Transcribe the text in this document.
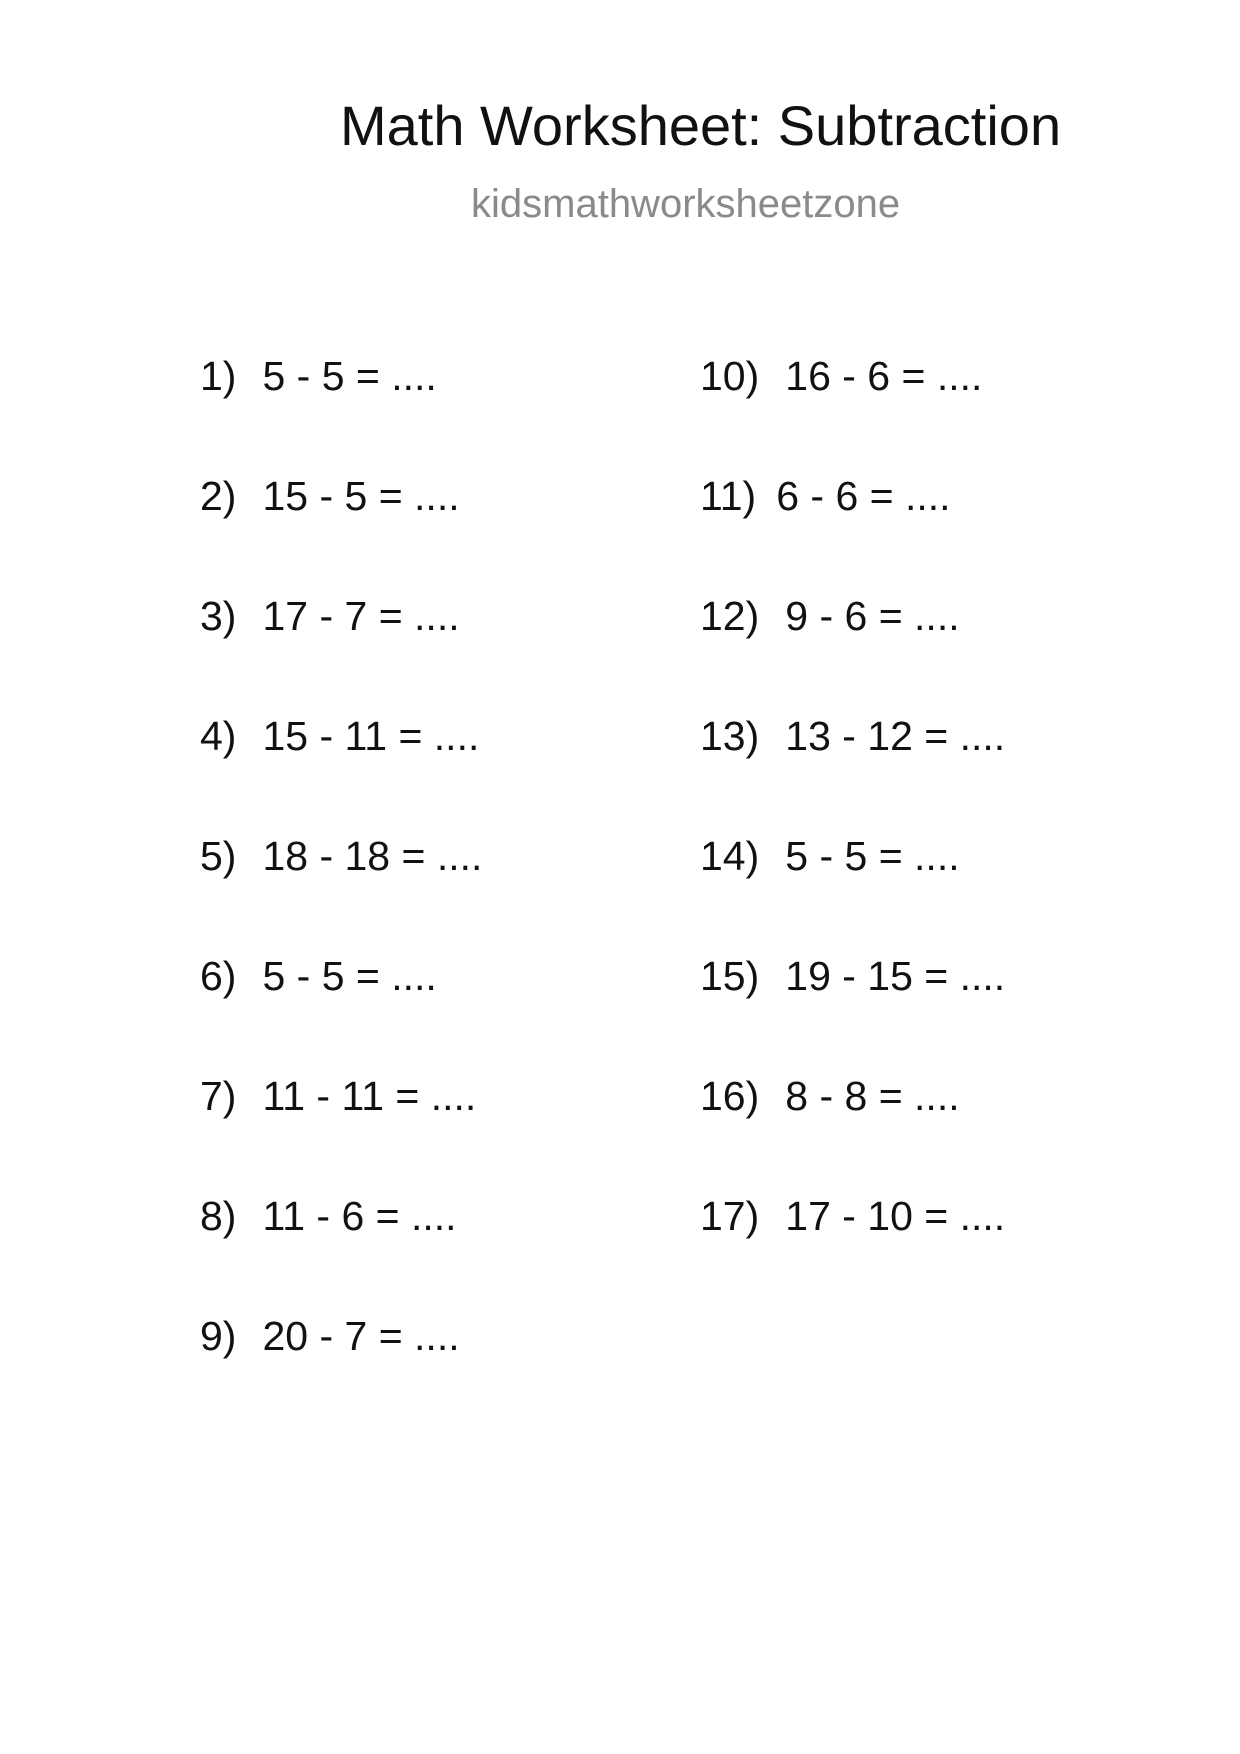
Math Worksheet: Subtraction
kidsmathworksheetzone
1) 5 - 5 = ....
2) 15 - 5 = ....
3) 17 - 7 = ....
4) 15 - 11 = ....
5) 18 - 18 = ....
6) 5 - 5 = ....
7) 11 - 11 = ....
8) 11 - 6 = ....
9) 20 - 7 = ....
10) 16 - 6 = ....
11) 6 - 6 = ....
12) 9 - 6 = ....
13) 13 - 12 = ....
14) 5 - 5 = ....
15) 19 - 15 = ....
16) 8 - 8 = ....
17) 17 - 10 = ....
